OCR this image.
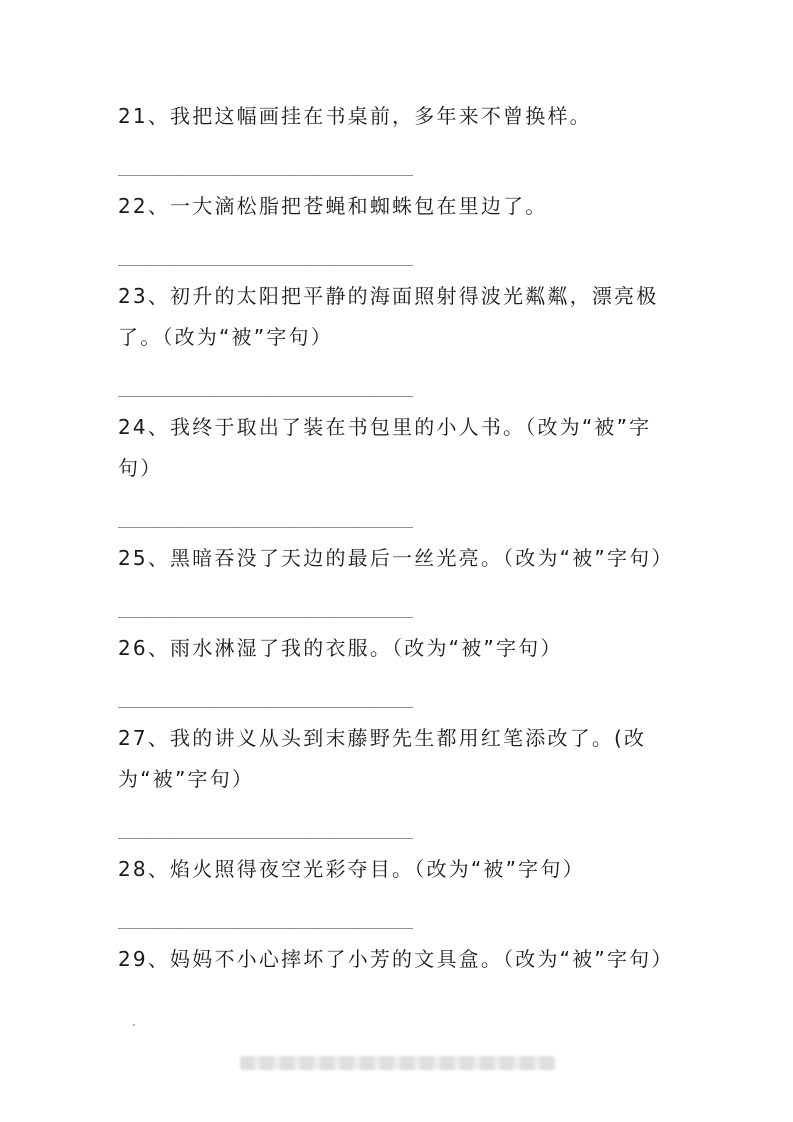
21、我把这幅画挂在书桌前，多年来不曾换样。

___________________________________

22、一大滴松脂把苍蝇和蜘蛛包在里边了。

___________________________________

23、初升的太阳把平静的海面照射得波光粼粼，漂亮极了。（改为“被”字句）

___________________________________

24、我终于取出了装在书包里的小人书。（改为“被”字句）

___________________________________

25、黑暗吞没了天边的最后一丝光亮。（改为“被”字句）

___________________________________

26、雨水淋湿了我的衣服。（改为“被”字句）

___________________________________

27、我的讲义从头到末藤野先生都用红笔添改了。(改为“被”字句）

___________________________________

28、焰火照得夜空光彩夺目。（改为“被”字句）

___________________________________

29、妈妈不小心摔坏了小芳的文具盒。（改为“被”字句）
